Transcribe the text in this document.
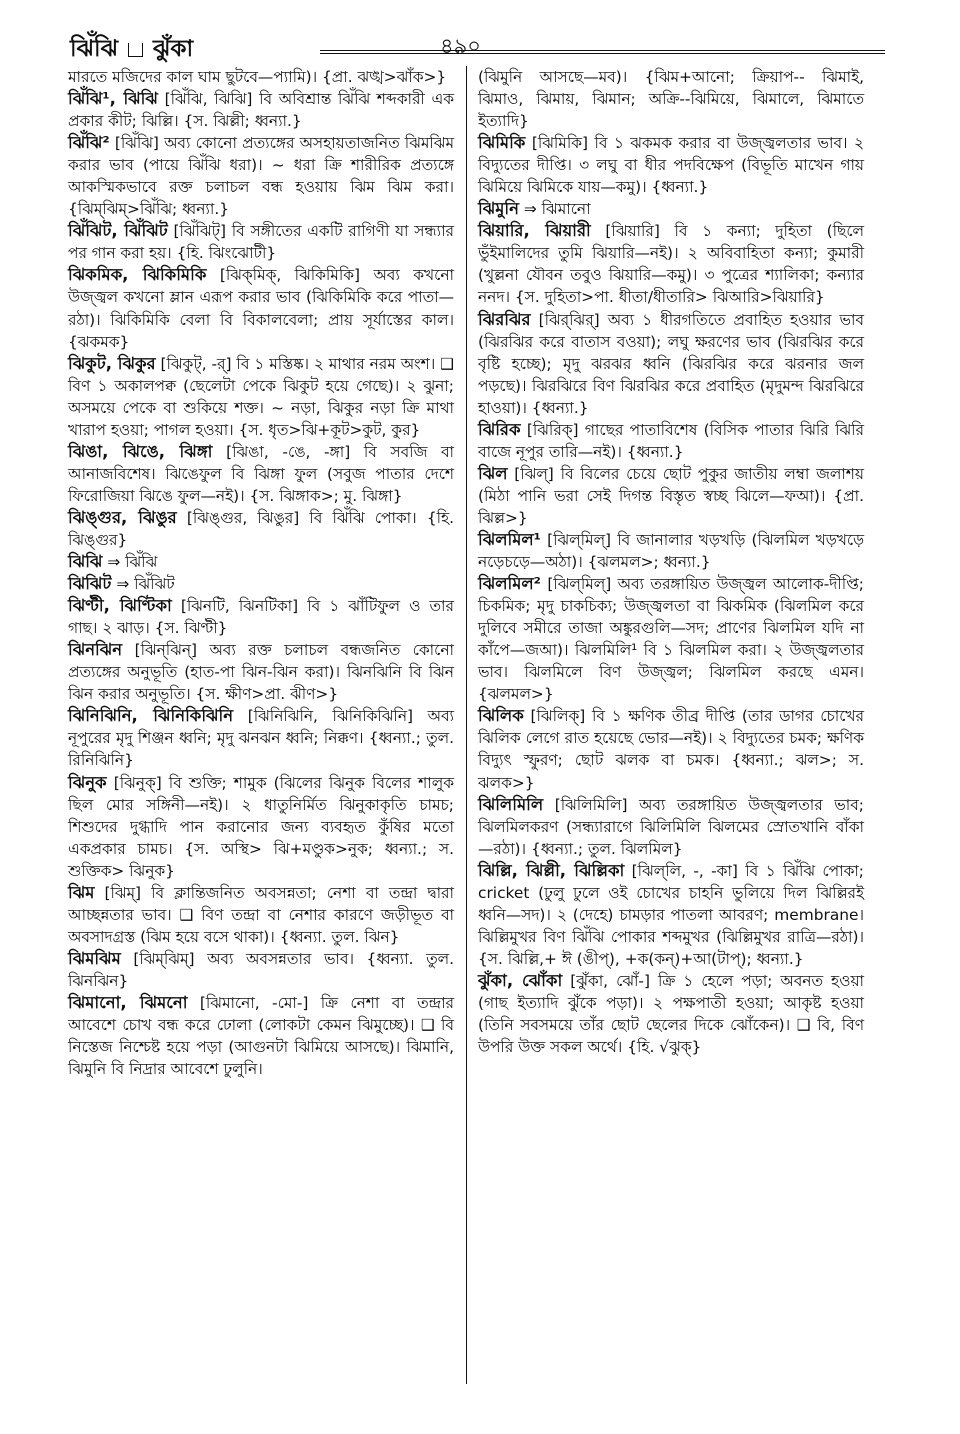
ঝিঁঝি ঝুঁকা	৪৯০
মারতে মজিদের কাল ঘাম ছুটবে—প্যামি)। {প্রা. ঝঙ্খ>ঝাঁক>}
ঝিঁঝি¹, ঝিঝি [ঝিঁঝি, ঝিঝি] বি অবিশ্রান্ত ঝিঁঝি শব্দকারী এক প্রকার কীট; ঝিল্লি। {স. ঝিল্লী; ধ্বন্যা.}
ঝিঁঝি² [ঝিঁঝি] অব্য কোনো প্রত্যঙ্গের অসহায়তাজনিত ঝিমঝিম করার ভাব (পায়ে ঝিঁঝি ধরা)। ~ ধরা ক্রি শারীরিক প্রত্যঙ্গে আকস্মিকভাবে রক্ত চলাচল বন্ধ হওয়ায় ঝিম ঝিম করা। {ঝিম্‌ঝিম্‌>ঝিঁঝি; ধ্বন্যা.}
ঝিঁঝিট, ঝিঁঝিট [ঝিঁঝিট্] বি সঙ্গীতের একটি রাগিণী যা সন্ধ্যার পর গান করা হয়। {হি. ঝিংঝোটী}
ঝিকমিক, ঝিকিমিকি [ঝিক্‌মিক্, ঝিকিমিকি] অব্য কখনো উজ্জ্বল কখনো ম্লান এরূপ করার ভাব (ঝিকিমিকি করে পাতা—রঠা)। ঝিকিমিকি বেলা বি বিকালবেলা; প্রায় সূর্যাস্তের কাল। {ঝকমক}
ঝিকুট, ঝিকুর [ঝিকুট্, -র্] বি ১ মস্তিষ্ক। ২ মাথার নরম অংশ। ❑ বিণ ১ অকালপক্ব (ছেলেটা পেকে ঝিকুট হয়ে গেছে)। ২ ঝুনা; অসময়ে পেকে বা শুকিয়ে শক্ত। ~ নড়া, ঝিকুর নড়া ক্রি মাথা খারাপ হওয়া; পাগল হওয়া। {স. ধৃত>ঝি+কূট>কুট, কুর}
ঝিঙা, ঝিঙে, ঝিঙ্গা [ঝিঙা, -ঙে, -ঙ্গা] বি সবজি বা আনাজবিশেষ। ঝিঙেফুল বি ঝিঙ্গা ফুল (সবুজ পাতার দেশে ফিরোজিয়া ঝিঙে ফুল—নই)। {স. ঝিঙ্গাক>; মু. ঝিঙ্গা}
ঝিঙ্গুর, ঝিঙুর [ঝিঙ্গুর, ঝিঙুর] বি ঝিঁঝি পোকা। {হি. ঝিঙ্গুর}
ঝিঝি ⇒ ঝিঁঝি
ঝিঝিট ⇒ ঝিঁঝিট
ঝিণ্টী, ঝিণ্টিকা [ঝিনটি, ঝিনটিকা] বি ১ ঝাঁটিফুল ও তার গাছ। ২ ঝাড়। {স. ঝিণ্টী}
ঝিনঝিন [ঝিন্‌ঝিন্] অব্য রক্ত চলাচল বন্ধজনিত কোনো প্রত্যঙ্গের অনুভূতি (হাত-পা ঝিন-ঝিন করা)। ঝিনঝিনি বি ঝিন ঝিন করার অনুভূতি। {স. ক্ষীণ>প্রা. ঝীণ>}
ঝিনিঝিনি, ঝিনিকিঝিনি [ঝিনিঝিনি, ঝিনিকিঝিনি] অব্য নূপুরের মৃদু শিঞ্জন ধ্বনি; মৃদু ঝনঝন ধ্বনি; নিক্কণ। {ধ্বন্যা.; তুল. রিনিঝিনি}
ঝিনুক [ঝিনুক্] বি শুক্তি; শামুক (ঝিলের ঝিনুক বিলের শালুক ছিল মোর সঙ্গিনী—নই)। ২ ধাতুনির্মিত ঝিনুকাকৃতি চামচ; শিশুদের দুগ্ধাদি পান করানোর জন্য ব্যবহৃত কুঁষির মতো একপ্রকার চামচ। {স. অস্থি> ঝি+মণ্ডুক>নুক; ধ্বন্যা.; স. শুক্তিক> ঝিনুক}
ঝিম [ঝিম্] বি ক্লান্তিজনিত অবসন্নতা; নেশা বা তন্দ্রা দ্বারা আচ্ছন্নতার ভাব। ❑ বিণ তন্দ্রা বা নেশার কারণে জড়ীভূত বা অবসাদগ্রস্ত (ঝিম হয়ে বসে থাকা)। {ধ্বন্যা. তুল. ঝিন}
ঝিমঝিম [ঝিম্‌ঝিম্] অব্য অবসন্নতার ভাব। {ধ্বন্যা. তুল. ঝিনঝিন}
ঝিমানো, ঝিমনো [ঝিমানো, -মো-] ক্রি নেশা বা তন্দ্রার আবেশে চোখ বন্ধ করে ঢোলা (লোকটা কেমন ঝিমুচ্ছে)। ❑ বি নিস্তেজ নিশ্চেষ্ট হয়ে পড়া (আগুনটা ঝিমিয়ে আসছে)। ঝিমানি, ঝিমুনি বি নিদ্রার আবেশে ঢুলুনি।
(ঝিমুনি আসছে—মব)। {ঝিম+আনো; ক্রিয়াপ-- ঝিমাই, ঝিমাও, ঝিমায়, ঝিমান; অক্রি--ঝিমিয়ে, ঝিমালে, ঝিমাতে ইত্যাদি}
ঝিমিকি [ঝিমিকি] বি ১ ঝকমক করার বা উজ্জ্বলতার ভাব। ২ বিদ্যুতের দীপ্তি। ৩ লঘু বা ধীর পদবিক্ষেপ (বিভূতি মাখেন গায় ঝিমিয়ে ঝিমিকে যায়—কমু)। {ধ্বন্যা.}
ঝিমুনি ⇒ ঝিমানো
ঝিয়ারি, ঝিয়ারী [ঝিয়ারি] বি ১ কন্যা; দুহিতা (ছিলে ভুঁইমালিদের তুমি ঝিয়ারি—নই)। ২ অবিবাহিতা কন্যা; কুমারী (খুল্লনা যৌবন তবুও ঝিয়ারি—কমু)। ৩ পুত্রের শ্যালিকা; কন্যার ননদ। {স. দুহিতা>পা. ধীতা/ধীতারি> ঝিআরি>ঝিয়ারি}
ঝিরঝির [ঝির্‌ঝির্] অব্য ১ ধীরগতিতে প্রবাহিত হওয়ার ভাব (ঝিরঝির করে বাতাস বওয়া); লঘু ক্ষরণের ভাব (ঝিরঝির করে বৃষ্টি হচ্ছে); মৃদু ঝরঝর ধ্বনি (ঝিরঝির করে ঝরনার জল পড়ছে)। ঝিরঝিরে বিণ ঝিরঝির করে প্রবাহিত (মৃদুমন্দ ঝিরঝিরে হাওয়া)। {ধ্বন্যা.}
ঝিরিক [ঝিরিক্] গাছের পাতাবিশেষ (বিসিক পাতার ঝিরি ঝিরি বাজে নূপুর তারি—নই)। {ধ্বন্যা.}
ঝিল [ঝিল্] বি বিলের চেয়ে ছোট পুকুর জাতীয় লম্বা জলাশয় (মিঠা পানি ভরা সেই দিগন্ত বিস্তৃত স্বচ্ছ ঝিলে—ফআ)। {প্রা. ঝিল্ল>}
ঝিলমিল¹ [ঝিল্‌মিল্] বি জানালার খড়খড়ি (ঝিলমিল খড়খড়ে নড়েচড়ে—অঠা)। {ঝলমল>; ধ্বন্যা.}
ঝিলমিল² [ঝিল্‌মিল্] অব্য তরঙ্গায়িত উজ্জ্বল আলোক-দীপ্তি; চিকমিক; মৃদু চাকচিক্য; উজ্জ্বলতা বা ঝিকমিক (ঝিলমিল করে দুলিবে সমীরে তাজা অঙ্কুরগুলি—সদ; প্রাণের ঝিলমিল যদি না কাঁপে—জআ)। ঝিলমিলি¹ বি ১ ঝিলমিল করা। ২ উজ্জ্বলতার ভাব। ঝিলমিলে বিণ উজ্জ্বল; ঝিলমিল করছে এমন। {ঝলমল>}
ঝিলিক [ঝিলিক্] বি ১ ক্ষণিক তীব্র দীপ্তি (তার ডাগর চোখের ঝিলিক লেগে রাত হয়েছে ভোর—নই)। ২ বিদ্যুতের চমক; ক্ষণিক বিদ্যুৎ স্ফুরণ; ছোট ঝলক বা চমক। {ধ্বন্যা.; ঝল>; স. ঝলক>}
ঝিলিমিলি [ঝিলিমিলি] অব্য তরঙ্গায়িত উজ্জ্বলতার ভাব; ঝিলমিলকরণ (সন্ধ্যারাগে ঝিলিমিলি ঝিলমের স্রোতখানি বাঁকা—রঠা)। {ধ্বন্যা.; তুল. ঝিলমিল}
ঝিল্লি, ঝিল্লী, ঝিল্লিকা [ঝিল্‌লি, -, -কা] বি ১ ঝিঁঝি পোকা; cricket (ঢুলু ঢুলে ওই চোখের চাহনি ভুলিয়ে দিল ঝিল্লিরই ধ্বনি—সদ)। ২ (দেহে) চামড়ার পাতলা আবরণ; membrane। ঝিল্লিমুখর বিণ ঝিঁঝি পোকার শব্দমুখর (ঝিল্লিমুখর রাত্রি—রঠা)। {স. ঝিল্লি,+ ঈ (ঙীপ্), +ক(কন্)+আ(টাপ্); ধ্বন্যা.}
ঝুঁকা, ঝোঁকা [ঝুঁকা, ঝোঁ-] ক্রি ১ হেলে পড়া; অবনত হওয়া (গাছ ইত্যাদি ঝুঁকে পড়া)। ২ পক্ষপাতী হওয়া; আকৃষ্ট হওয়া (তিনি সবসময়ে তাঁর ছোট ছেলের দিকে ঝোঁকেন)। ❑ বি, বিণ উপরি উক্ত সকল অর্থে। {হি. √ঝুক্}
